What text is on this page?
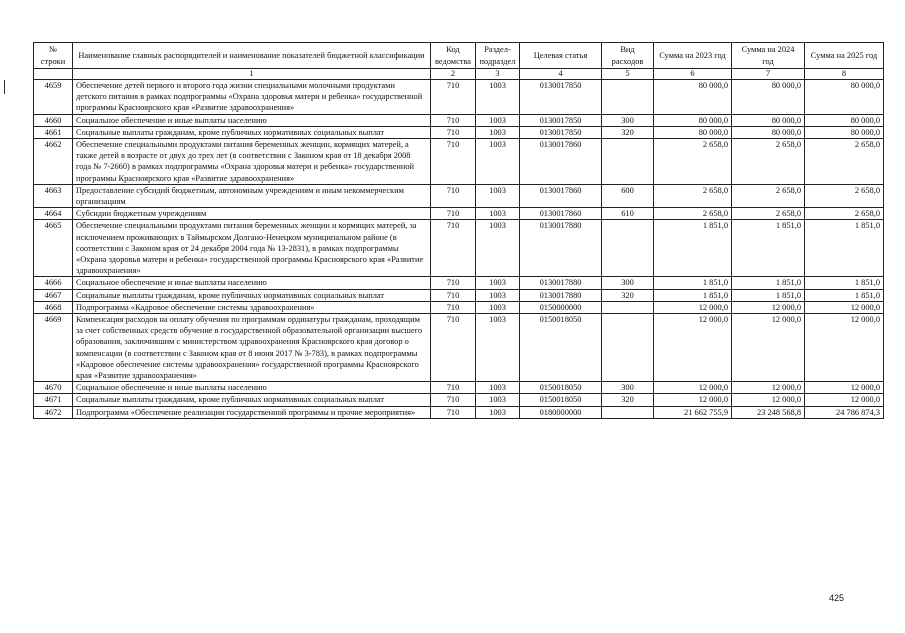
№ строки	Наименование главных распорядителей и наименование показателей бюджетной классификации	Код ведомства	Раздел-подраздел	Целевая статья	Вид расходов	Сумма на 2023 год	Сумма на 2024 год	Сумма на 2025 год
	1	2	3	4	5	6	7	8
4659	Обеспечение детей первого и второго года жизни специальными молочными продуктами детского питания в рамках подпрограммы «Охрана здоровья матери и ребенка» государственной программы Красноярского края «Развитие здравоохранения»	710	1003	0130017850		80 000,0	80 000,0	80 000,0
4660	Социальное обеспечение и иные выплаты населению	710	1003	0130017850	300	80 000,0	80 000,0	80 000,0
4661	Социальные выплаты гражданам, кроме публичных нормативных социальных выплат	710	1003	0130017850	320	80 000,0	80 000,0	80 000,0
4662	Обеспечение специальными продуктами питания беременных женщин, кормящих матерей, а также детей в возрасте от двух до трех лет (в соответствии с Законом края от 18 декабря 2008 года № 7-2660) в рамках подпрограммы «Охрана здоровья матери и ребенка» государственной программы Красноярского края «Развитие здравоохранения»	710	1003	0130017860		2 658,0	2 658,0	2 658,0
4663	Предоставление субсидий бюджетным, автономным учреждениям и иным некоммерческим организациям	710	1003	0130017860	600	2 658,0	2 658,0	2 658,0
4664	Субсидии бюджетным учреждениям	710	1003	0130017860	610	2 658,0	2 658,0	2 658,0
4665	Обеспечение специальными продуктами питания беременных женщин и кормящих матерей, за исключением проживающих в Таймырском Долгано-Ненецком муниципальном районе (в соответствии с Законом края от 24 декабря 2004 года № 13-2831), в рамках подпрограммы «Охрана здоровья матери и ребенка» государственной программы Красноярского края «Развитие здравоохранения»	710	1003	0130017880		1 851,0	1 851,0	1 851,0
4666	Социальное обеспечение и иные выплаты населению	710	1003	0130017880	300	1 851,0	1 851,0	1 851,0
4667	Социальные выплаты гражданам, кроме публичных нормативных социальных выплат	710	1003	0130017880	320	1 851,0	1 851,0	1 851,0
4668	Подпрограмма «Кадровое обеспечение системы здравоохранения»	710	1003	0150000000		12 000,0	12 000,0	12 000,0
4669	Компенсация расходов на оплату обучения по программам ординатуры гражданам, проходящим за счет собственных средств обучение в государственной образовательной организации высшего образования, заключившим с министерством здравоохранения Красноярского края договор о компенсации (в соответствии с Законом края от 8 июня 2017 № 3-783), в рамках подпрограммы «Кадровое обеспечение системы здравоохранения» государственной программы Красноярского края «Развитие здравоохранения»	710	1003	0150018050		12 000,0	12 000,0	12 000,0
4670	Социальное обеспечение и иные выплаты населению	710	1003	0150018050	300	12 000,0	12 000,0	12 000,0
4671	Социальные выплаты гражданам, кроме публичных нормативных социальных выплат	710	1003	0150018050	320	12 000,0	12 000,0	12 000,0
4672	Подпрограмма «Обеспечение реализации государственной программы и прочие мероприятия»	710	1003	0180000000		21 662 755,9	23 248 568,8	24 786 874,3
425
